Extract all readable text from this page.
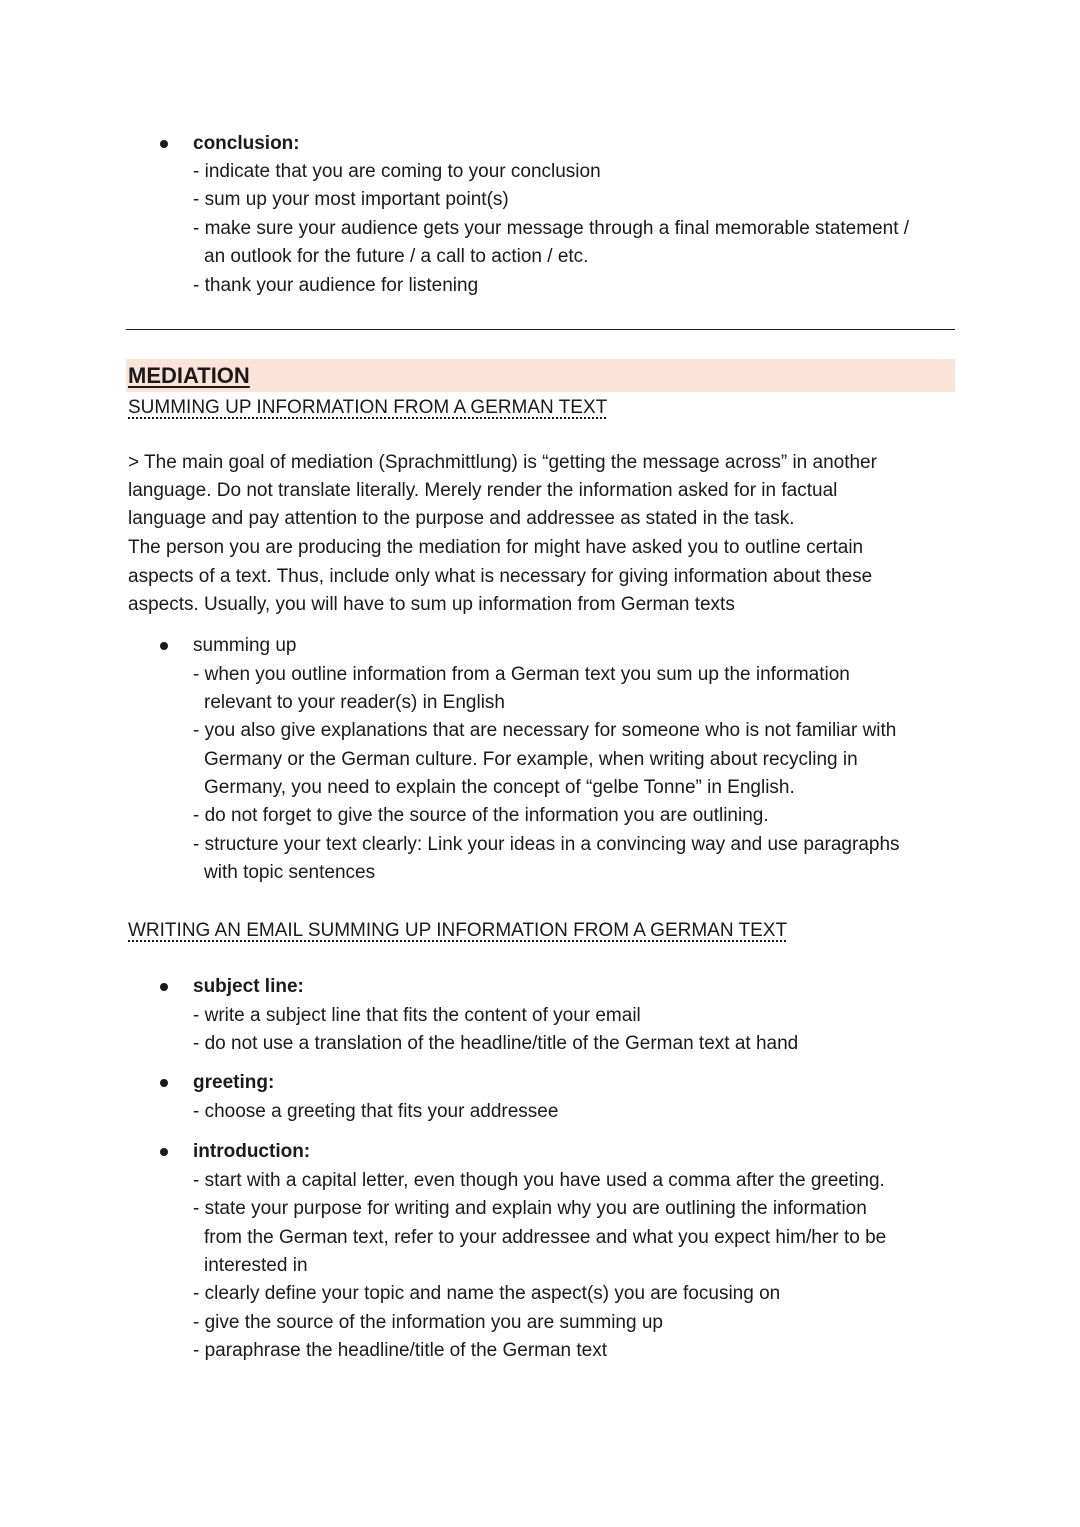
conclusion:
- indicate that you are coming to your conclusion
- sum up your most important point(s)
- make sure your audience gets your message through a final memorable statement /
an outlook for the future / a call to action / etc.
- thank your audience for listening
MEDIATION
SUMMING UP INFORMATION FROM A GERMAN TEXT
> The main goal of mediation (Sprachmittlung) is “getting the message across” in another
language. Do not translate literally. Merely render the information asked for in factual
language and pay attention to the purpose and addressee as stated in the task.
The person you are producing the mediation for might have asked you to outline certain
aspects of a text. Thus, include only what is necessary for giving information about these
aspects. Usually, you will have to sum up information from German texts
summing up
- when you outline information from a German text you sum up the information
relevant to your reader(s) in English
- you also give explanations that are necessary for someone who is not familiar with
Germany or the German culture. For example, when writing about recycling in
Germany, you need to explain the concept of “gelbe Tonne” in English.
- do not forget to give the source of the information you are outlining.
- structure your text clearly: Link your ideas in a convincing way and use paragraphs
with topic sentences
WRITING AN EMAIL SUMMING UP INFORMATION FROM A GERMAN TEXT
subject line:
- write a subject line that fits the content of your email
- do not use a translation of the headline/title of the German text at hand
greeting:
- choose a greeting that fits your addressee
introduction:
- start with a capital letter, even though you have used a comma after the greeting.
- state your purpose for writing and explain why you are outlining the information
from the German text, refer to your addressee and what you expect him/her to be
interested in
- clearly define your topic and name the aspect(s) you are focusing on
- give the source of the information you are summing up
- paraphrase the headline/title of the German text
